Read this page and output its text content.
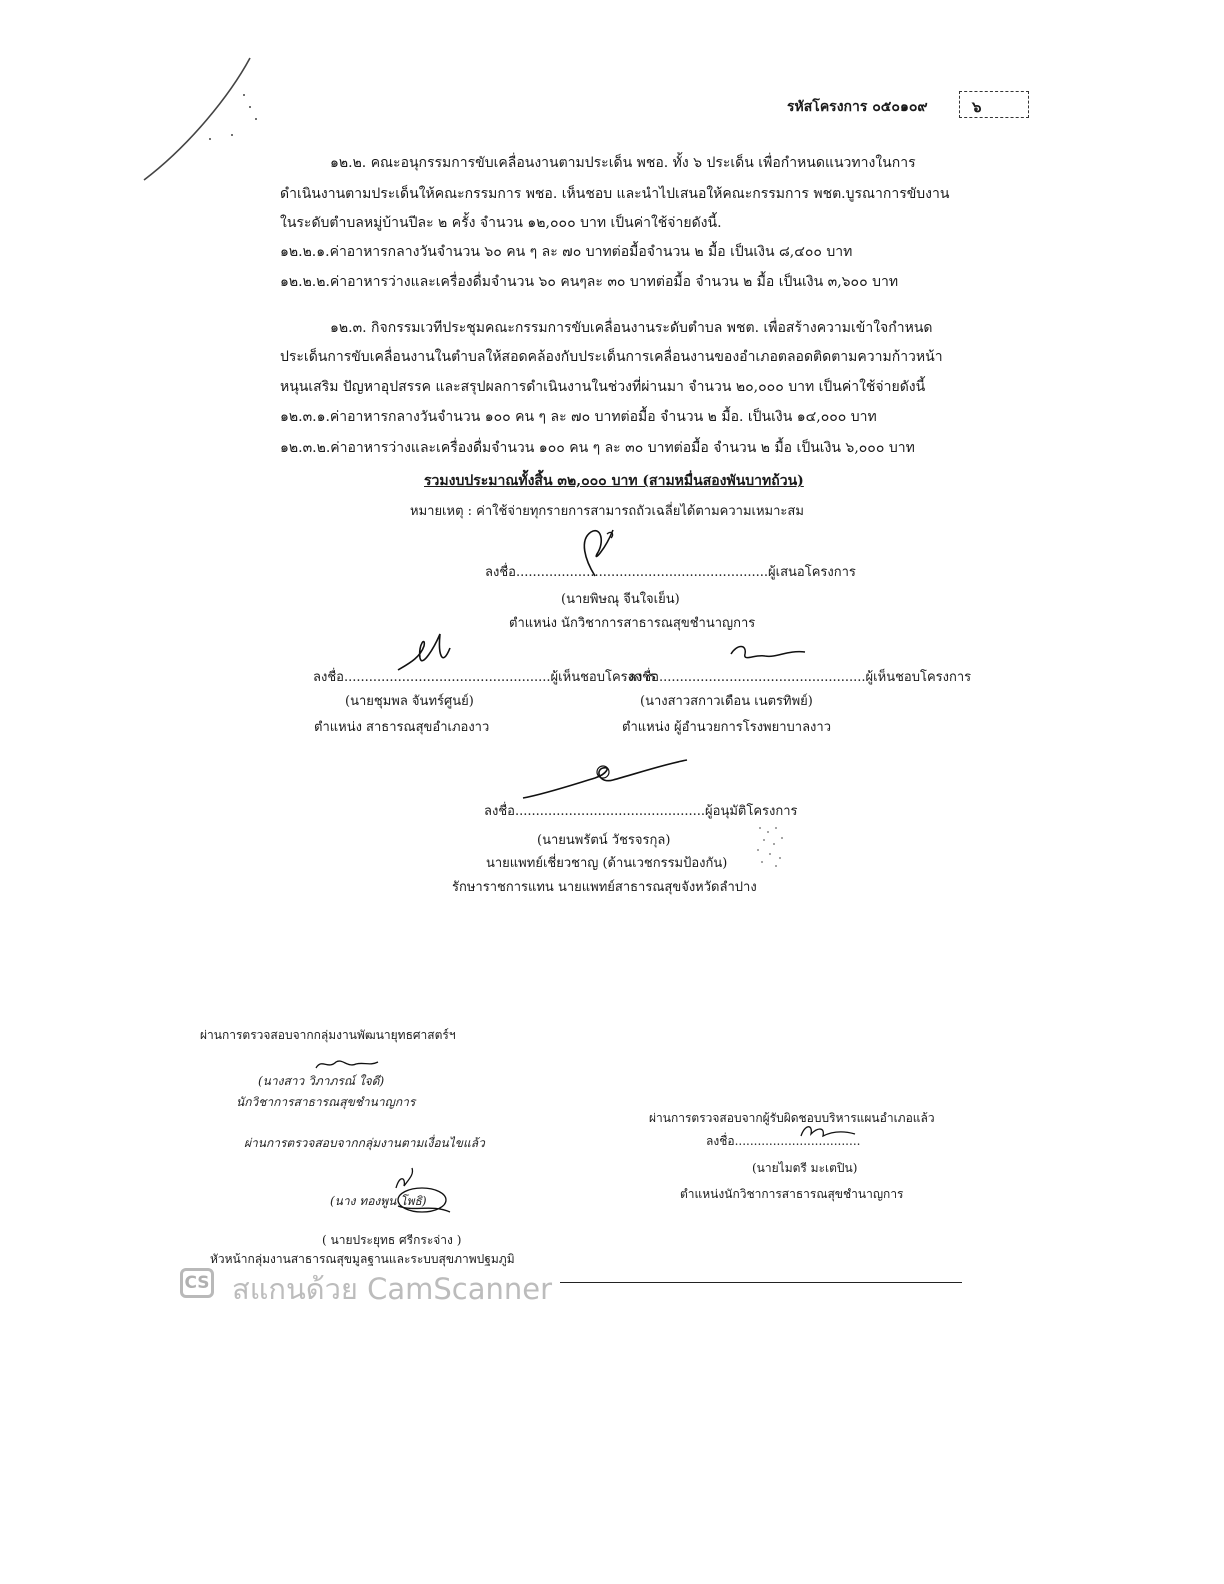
รหัสโครงการ ๐๕๐๑๐๙	๖
๑๒.๒. คณะอนุกรรมการขับเคลื่อนงานตามประเด็น พชอ. ทั้ง ๖ ประเด็น เพื่อกำหนดแนวทางในการ
ดำเนินงานตามประเด็นให้คณะกรรมการ พชอ. เห็นชอบ และนำไปเสนอให้คณะกรรมการ พชต.บูรณาการขับงาน
ในระดับตำบลหมู่บ้านปีละ ๒ ครั้ง จำนวน ๑๒,๐๐๐ บาท เป็นค่าใช้จ่ายดังนี้.
๑๒.๒.๑.ค่าอาหารกลางวันจำนวน ๖๐ คน ๆ ละ ๗๐ บาทต่อมื้อจำนวน ๒ มื้อ เป็นเงิน ๘,๔๐๐ บาท
๑๒.๒.๒.ค่าอาหารว่างและเครื่องดื่มจำนวน ๖๐ คนๆละ ๓๐ บาทต่อมื้อ จำนวน ๒ มื้อ เป็นเงิน ๓,๖๐๐ บาท
๑๒.๓. กิจกรรมเวทีประชุมคณะกรรมการขับเคลื่อนงานระดับตำบล พชต. เพื่อสร้างความเข้าใจกำหนด
ประเด็นการขับเคลื่อนงานในตำบลให้สอดคล้องกับประเด็นการเคลื่อนงานของอำเภอตลอดติดตามความก้าวหน้า
หนุนเสริม ปัญหาอุปสรรค และสรุปผลการดำเนินงานในช่วงที่ผ่านมา จำนวน ๒๐,๐๐๐ บาท เป็นค่าใช้จ่ายดังนี้
๑๒.๓.๑.ค่าอาหารกลางวันจำนวน ๑๐๐ คน ๆ ละ ๗๐ บาทต่อมื้อ จำนวน ๒ มื้อ. เป็นเงิน ๑๔,๐๐๐ บาท
๑๒.๓.๒.ค่าอาหารว่างและเครื่องดื่มจำนวน ๑๐๐ คน ๆ ละ ๓๐ บาทต่อมื้อ จำนวน ๒ มื้อ เป็นเงิน ๖,๐๐๐ บาท
รวมงบประมาณทั้งสิ้น ๓๒,๐๐๐ บาท (สามหมื่นสองพันบาทถ้วน)
หมายเหตุ : ค่าใช้จ่ายทุกรายการสามารถถัวเฉลี่ยได้ตามความเหมาะสม
ลงชื่อ.............................................................ผู้เสนอโครงการ
(นายพิษณุ จีนใจเย็น)
ตำแหน่ง นักวิชาการสาธารณสุขชำนาญการ
ลงชื่อ..................................................ผู้เห็นชอบโครงการ
(นายชุมพล จันทร์ศูนย์)
ตำแหน่ง สาธารณสุขอำเภองาว
ลงชื่อ..................................................ผู้เห็นชอบโครงการ
(นางสาวสกาวเดือน เนตรทิพย์)
ตำแหน่ง ผู้อำนวยการโรงพยาบาลงาว
ลงชื่อ..............................................ผู้อนุมัติโครงการ
(นายนพรัตน์ วัชรจรกุล)
นายแพทย์เชี่ยวชาญ (ด้านเวชกรรมป้องกัน)
รักษาราชการแทน นายแพทย์สาธารณสุขจังหวัดลำปาง
ผ่านการตรวจสอบจากกลุ่มงานพัฒนายุทธศาสตร์ฯ
(นางสาว วิภาภรณ์ ใจดี)
นักวิชาการสาธารณสุขชำนาญการ
ผ่านการตรวจสอบจากกลุ่มงานตามเงื่อนไขแล้ว
(นาง ทองพูน โพธิ)
( นายประยุทธ ศรีกระจ่าง )
หัวหน้ากลุ่มงานสาธารณสุขมูลฐานและระบบสุขภาพปฐมภูมิ
ผ่านการตรวจสอบจากผู้รับผิดชอบบริหารแผนอำเภอแล้ว
ลงชื่อ.................................
(นายไมตรี มะเตปิน)
ตำแหน่งนักวิชาการสาธารณสุขชำนาญการ
CS สแกนด้วย CamScanner
